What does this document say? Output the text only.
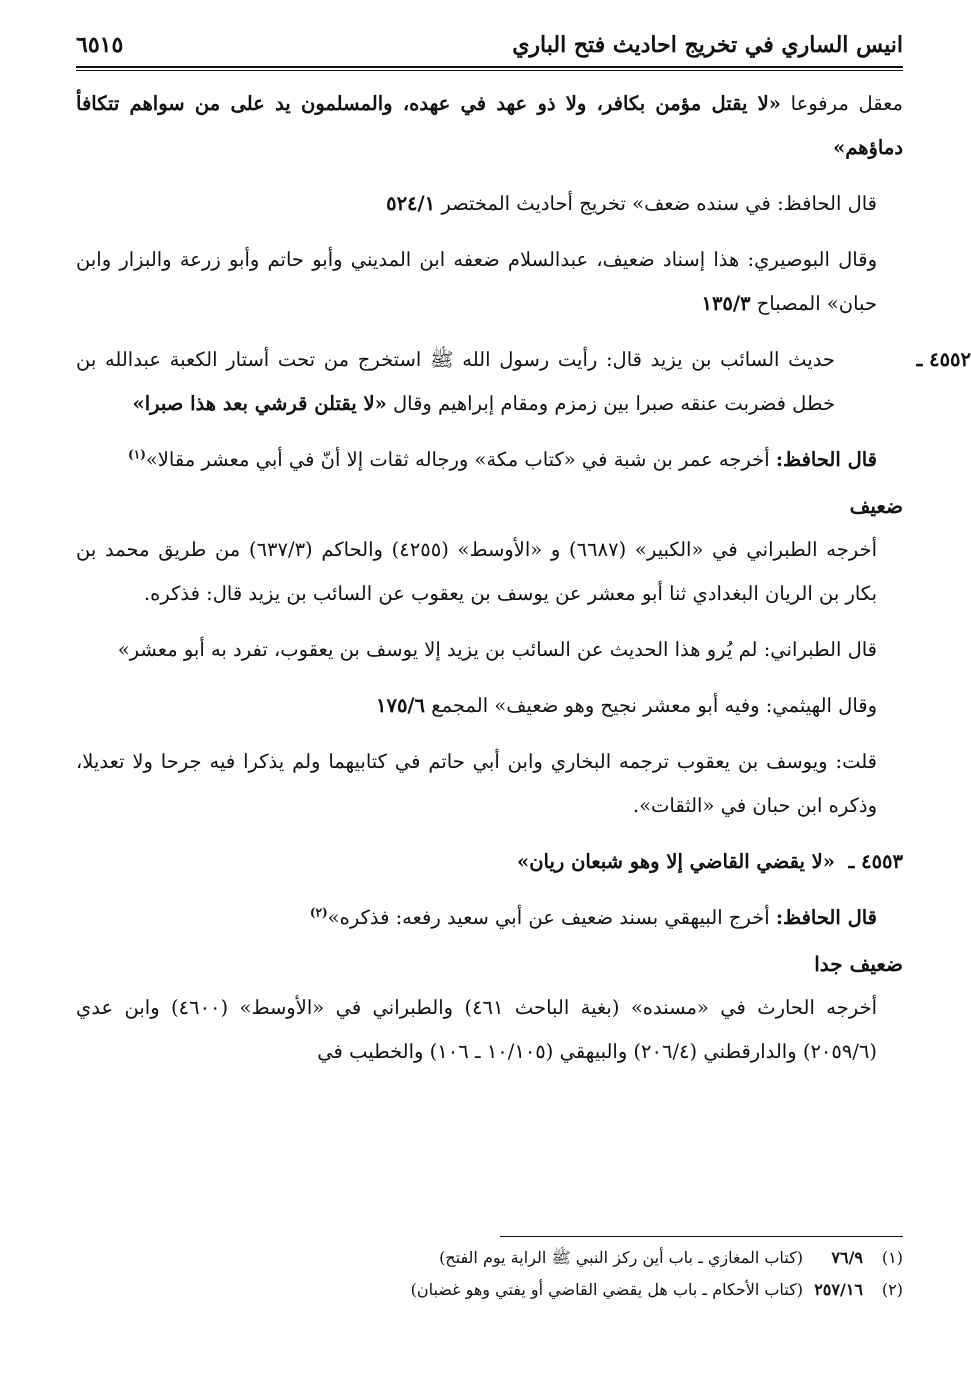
انيس الساري في تخريج احاديث فتح الباري
٦٥١٥

معقل مرفوعا «لا يقتل مؤمن بكافر، ولا ذو عهد في عهده، والمسلمون يد على من سواهم تتكافأ دماؤهم»

قال الحافظ: في سنده ضعف» تخريج أحاديث المختصر ٥٢٤/١

وقال البوصيري: هذا إسناد ضعيف، عبدالسلام ضعفه ابن المديني وأبو حاتم وأبو زرعة والبزار وابن حبان» المصباح ١٣٥/٣

٤٥٥٢ ـحديث السائب بن يزيد قال: رأيت رسول الله ﷺ استخرج من تحت أستار الكعبة عبدالله بن خطل فضربت عنقه صبرا بين زمزم ومقام إبراهيم وقال «لا يقتلن قرشي بعد هذا صبرا»

قال الحافظ: أخرجه عمر بن شبة في «كتاب مكة» ورجاله ثقات إلا أنّ في أبي معشر مقالا»$^{(١)}$

ضعيف

أخرجه الطبراني في «الكبير» (٦٦٨٧) و «الأوسط» (٤٢٥٥) والحاكم (٦٣٧/٣) من طريق محمد بن بكار بن الريان البغدادي ثنا أبو معشر عن يوسف بن يعقوب عن السائب بن يزيد قال: فذكره.

قال الطبراني: لم يُرو هذا الحديث عن السائب بن يزيد إلا يوسف بن يعقوب، تفرد به أبو معشر»

وقال الهيثمي: وفيه أبو معشر نجيح وهو ضعيف» المجمع ١٧٥/٦

قلت: ويوسف بن يعقوب ترجمه البخاري وابن أبي حاتم في كتابيهما ولم يذكرا فيه جرحا ولا تعديلا، وذكره ابن حبان في «الثقات».

٤٥٥٣ ـ«لا يقضي القاضي إلا وهو شبعان ريان»

قال الحافظ: أخرج البيهقي بسند ضعيف عن أبي سعيد رفعه: فذكره»$^{(٢)}$

ضعيف جدا

أخرجه الحارث في «مسنده» (بغية الباحث ٤٦١) والطبراني في «الأوسط» (٤٦٠٠) وابن عدي (٢٠٥٩/٦) والدارقطني (٢٠٦/٤) والبيهقي (١٠/١٠٥ ـ ١٠٦) والخطيب في

(١)٧٦/٩(كتاب المغازي ـ باب أين ركز النبي ﷺ الراية يوم الفتح)

(٢)٢٥٧/١٦(كتاب الأحكام ـ باب هل يقضي القاضي أو يفتي وهو غضبان)
